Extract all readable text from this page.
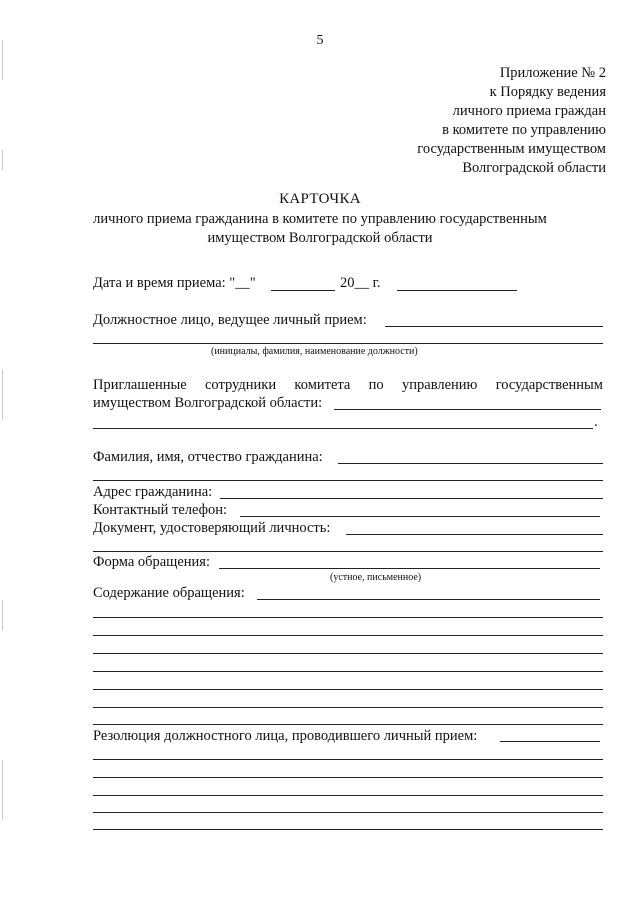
5
Приложение № 2
к Порядку ведения
личного приема граждан
в комитете по управлению
государственным имуществом
Волгоградской области
КАРТОЧКА
личного приема гражданина в комитете по управлению государственным имуществом Волгоградской области
Дата и время приема: "__"	20__ г.
Должностное лицо, ведущее личный прием:
(инициалы, фамилия, наименование должности)
Приглашенные сотрудники комитета по управлению государственным
имуществом Волгоградской области:
.
Фамилия, имя, отчество гражданина:
Адрес гражданина:
Контактный телефон:
Документ, удостоверяющий личность:
Форма обращения:
(устное, письменное)
Содержание обращения:
Резолюция должностного лица, проводившего личный прием:
